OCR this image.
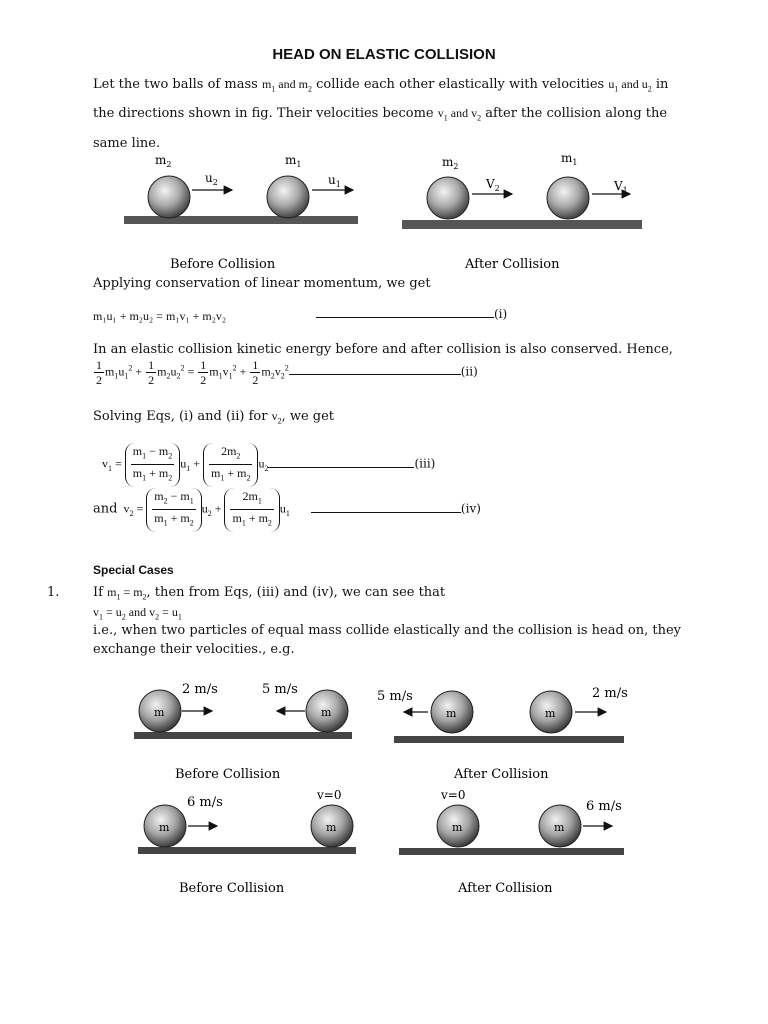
HEAD ON ELASTIC COLLISION
Let the two balls of mass $m_1$ and $m_2$ collide each other elastically with velocities $u_1$ and $u_2$ in
the directions shown in fig. Their velocities become $v_1$ and $v_2$ after the collision along the
same line.
$m_2$	$m_1$
$u_2$	$u_1$
Before Collision
$m_2$
$m_1$
$V_2$	$V_1$
After Collision
Applying conservation of linear momentum, we get
m₁u₁ + m₂u₂ = m₁v₁ + m₂v₂	(i)
In an elastic collision kinetic energy before and after collision is also conserved. Hence,
$\frac{1}{2} m_1u_1^2 + \frac{1}{2} m_2u_2^2 = \frac{1}{2} m_1v_1^2 + \frac{1}{2} m_2v_2^2$	(ii)
Solving Eqs, (i) and (ii) for $v_2$, we get
$v_1 = \frac{m_1 - m_2}{m_1 + m_2} u_1 + \frac{2m_2}{m_1 + m_2} u_2$	(iii)
and  $v_2 = \frac{m_2 - m_1}{m_1 + m_2} u_2 + \frac{2m_1}{m_1 + m_2} u_1$	(iv)
Special Cases
1.	If $m_1 = m_2$, then from Eqs, (iii) and (iv), we can see that
$v_1 = u_2$ and $v_2 = u_1$
i.e., when two particles of equal mass collide elastically and the collision is head on, they exchange their velocities., e.g.
m	m
2 m/s	5 m/s
Before Collision
m	m
5 m/s	2 m/s
After Collision
m	m
6 m/s	v=0
Before Collision
m	m
v=0
6 m/s
After Collision
